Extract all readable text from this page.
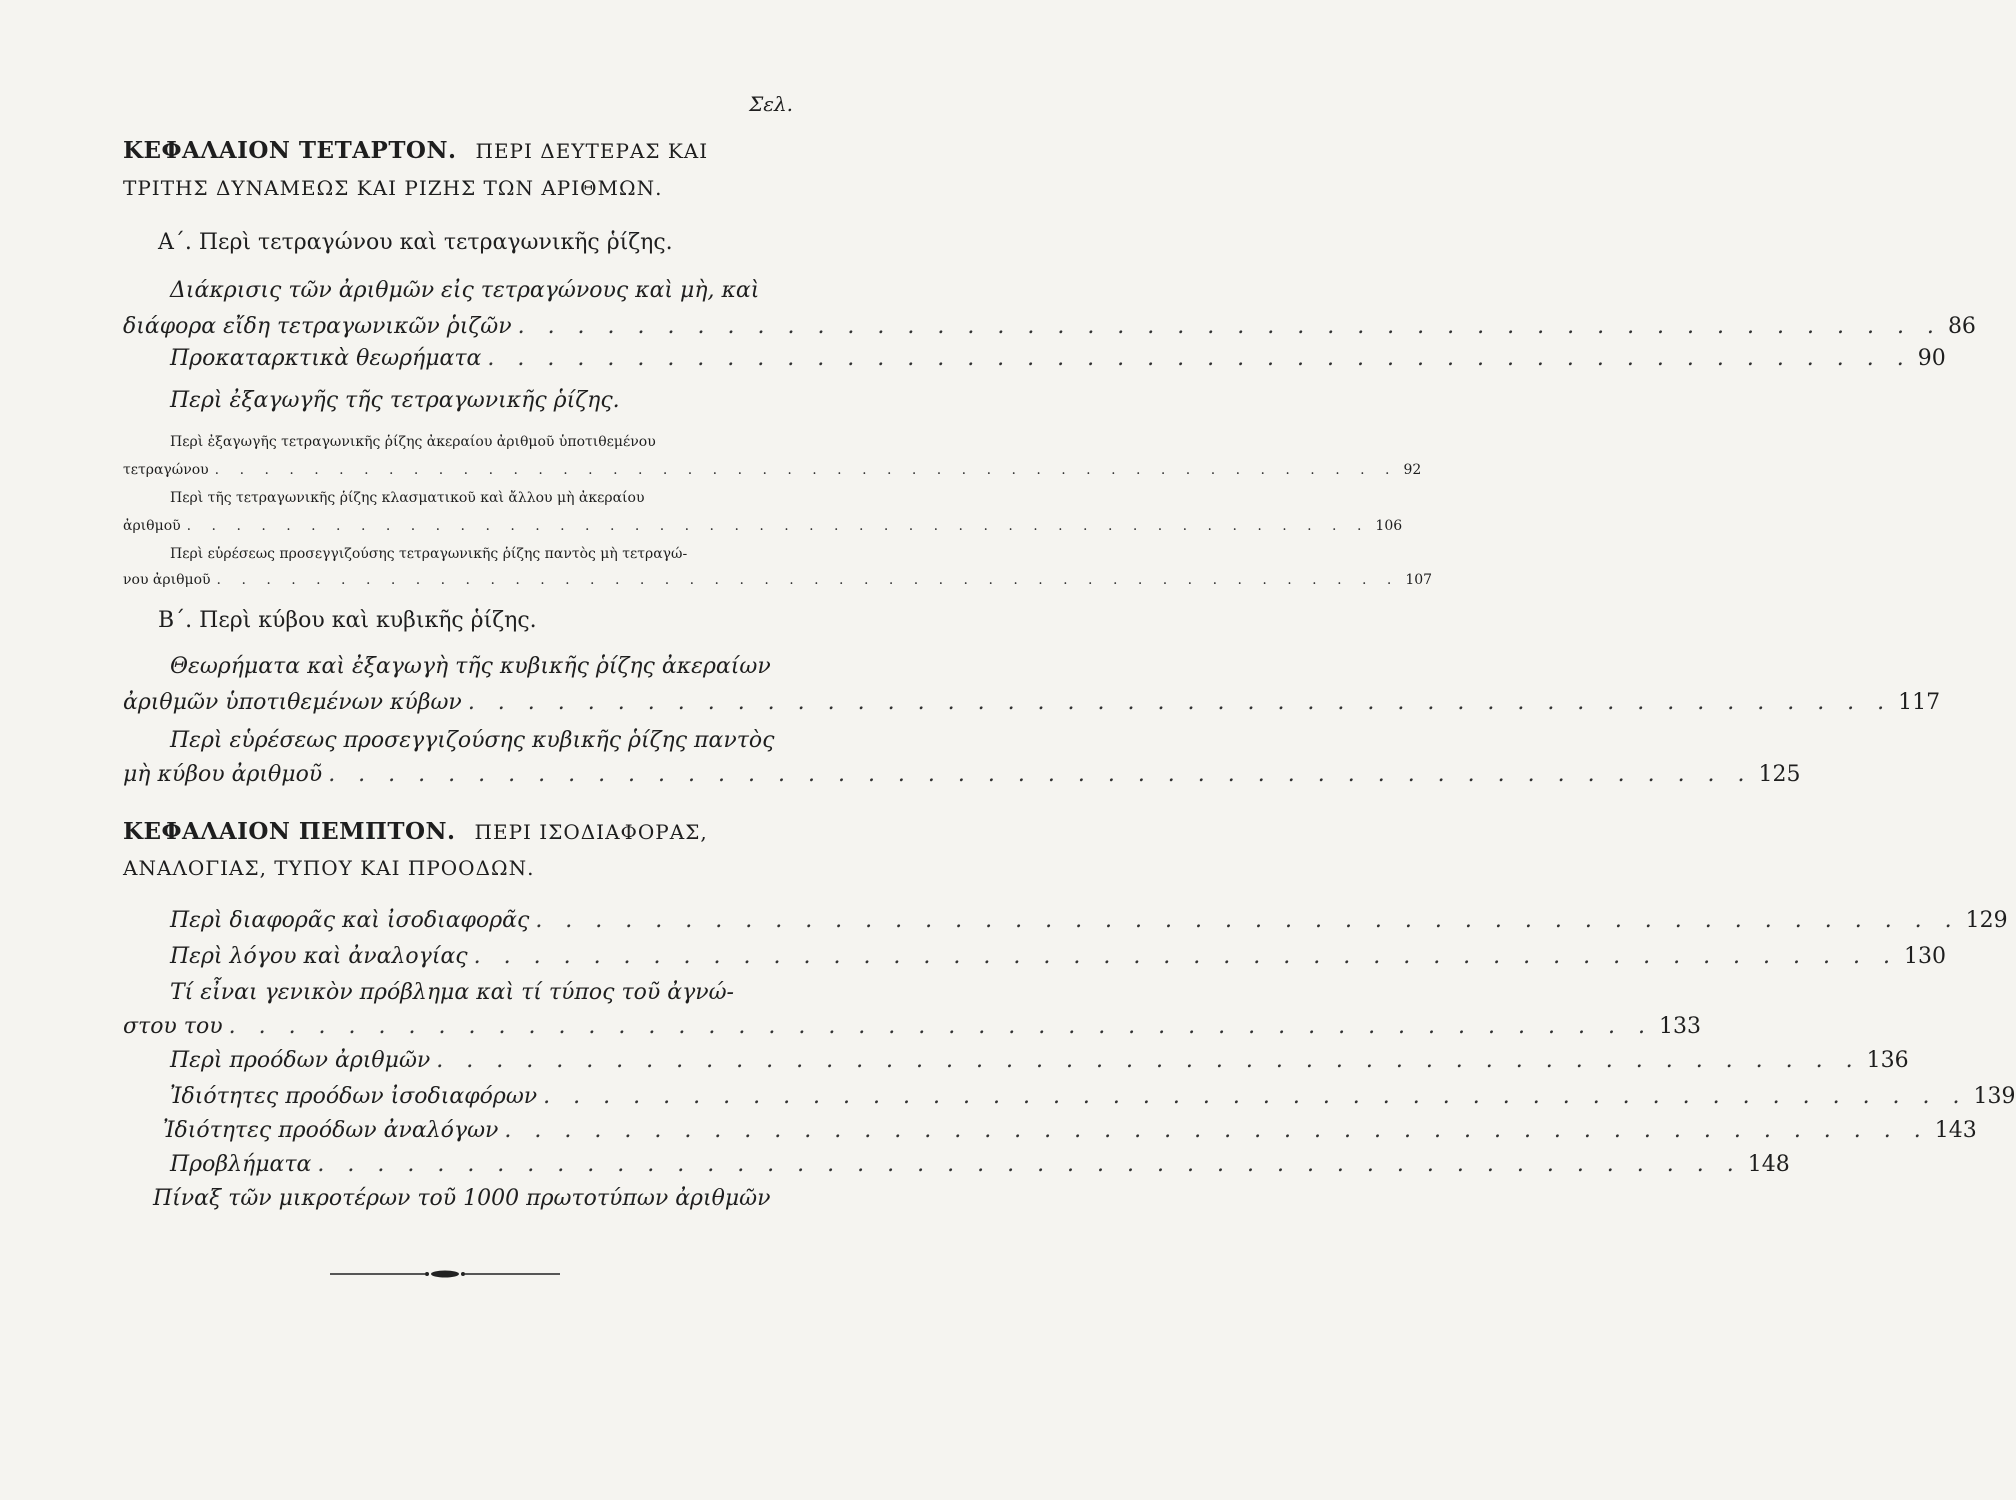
Σελ.
ΚΕΦΑΛΑΙΟΝ ΤΕΤΑΡΤΟΝ. ΠΕΡΙ ΔΕΥΤΕΡΑΣ ΚΑΙ
ΤΡΙΤΗΣ ΔΥΝΑΜΕΩΣ ΚΑΙ ΡΙΖΗΣ ΤΩΝ ΑΡΙΘΜΩΝ.
Α΄. Περὶ τετραγώνου καὶ τετραγωνικῆς ῥίζης.
Διάκρισις τῶν ἀριθμῶν εἰς τετραγώνους καὶ μὴ, καὶ
διάφορα εἴδη τετραγωνικῶν ῥιζῶν . . . . . . . . . . . . . . . . . . . . . . . . . . . . . . . . . . . . . . . . . . . . . . . . 86
Προκαταρκτικὰ θεωρήματα . . . . . . . . . . . . . . . . . . . . . . . . . . . . . . . . . . . . . . . . . . . . . . . . 90
Περὶ ἐξαγωγῆς τῆς τετραγωνικῆς ῥίζης.
Περὶ ἐξαγωγῆς τετραγωνικῆς ῥίζης ἀκεραίου ἀριθμοῦ ὑποτιθεμένου
τετραγώνου . . . . . . . . . . . . . . . . . . . . . . . . . . . . . . . . . . . . . . . . . . . . . . . . 92
Περὶ τῆς τετραγωνικῆς ῥίζης κλασματικοῦ καὶ ἄλλου μὴ ἀκεραίου
ἀριθμοῦ . . . . . . . . . . . . . . . . . . . . . . . . . . . . . . . . . . . . . . . . . . . . . . . . 106
Περὶ εὑρέσεως προσεγγιζούσης τετραγωνικῆς ῥίζης παντὸς μὴ τετραγώ-
νου ἀριθμοῦ . . . . . . . . . . . . . . . . . . . . . . . . . . . . . . . . . . . . . . . . . . . . . . . . 107
Β΄. Περὶ κύβου καὶ κυβικῆς ῥίζης.
Θεωρήματα καὶ ἐξαγωγὴ τῆς κυβικῆς ῥίζης ἀκεραίων
ἀριθμῶν ὑποτιθεμένων κύβων . . . . . . . . . . . . . . . . . . . . . . . . . . . . . . . . . . . . . . . . . . . . . . . . 117
Περὶ εὑρέσεως προσεγγιζούσης κυβικῆς ῥίζης παντὸς
μὴ κύβου ἀριθμοῦ . . . . . . . . . . . . . . . . . . . . . . . . . . . . . . . . . . . . . . . . . . . . . . . . 125
ΚΕΦΑΛΑΙΟΝ ΠΕΜΠΤΟΝ. ΠΕΡΙ ΙΣΟΔΙΑΦΟΡΑΣ,
ΑΝΑΛΟΓΙΑΣ, ΤΥΠΟΥ ΚΑΙ ΠΡΟΟΔΩΝ.
Περὶ διαφορᾶς καὶ ἰσοδιαφορᾶς . . . . . . . . . . . . . . . . . . . . . . . . . . . . . . . . . . . . . . . . . . . . . . . . 129
Περὶ λόγου καὶ ἀναλογίας . . . . . . . . . . . . . . . . . . . . . . . . . . . . . . . . . . . . . . . . . . . . . . . . 130
Τί εἶναι γενικὸν πρόβλημα καὶ τί τύπος τοῦ ἀγνώ-
στου του . . . . . . . . . . . . . . . . . . . . . . . . . . . . . . . . . . . . . . . . . . . . . . . . 133
Περὶ προόδων ἀριθμῶν . . . . . . . . . . . . . . . . . . . . . . . . . . . . . . . . . . . . . . . . . . . . . . . . 136
Ἰδιότητες προόδων ἰσοδιαφόρων . . . . . . . . . . . . . . . . . . . . . . . . . . . . . . . . . . . . . . . . . . . . . . . . 139
Ἰδιότητες προόδων ἀναλόγων . . . . . . . . . . . . . . . . . . . . . . . . . . . . . . . . . . . . . . . . . . . . . . . . 143
Προβλήματα . . . . . . . . . . . . . . . . . . . . . . . . . . . . . . . . . . . . . . . . . . . . . . . . 148
Πίναξ τῶν μικροτέρων τοῦ 1000 πρωτοτύπων ἀριθμῶν
